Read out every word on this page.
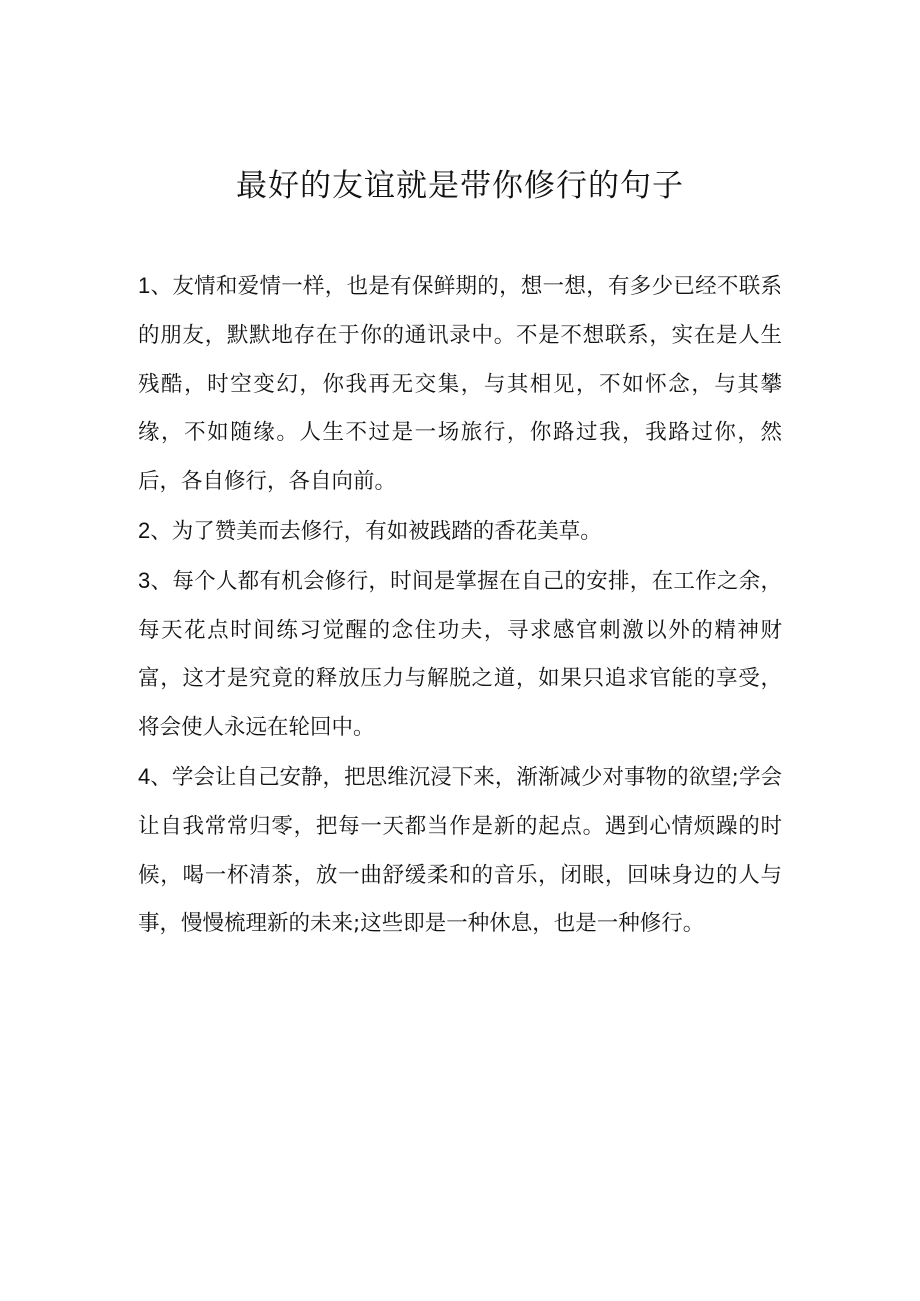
最好的友谊就是带你修行的句子

1、友情和爱情一样，也是有保鲜期的，想一想，有多少已经不联系的朋友，默默地存在于你的通讯录中。不是不想联系，实在是人生残酷，时空变幻，你我再无交集，与其相见，不如怀念，与其攀缘，不如随缘。人生不过是一场旅行，你路过我，我路过你，然后，各自修行，各自向前。

2、为了赞美而去修行，有如被践踏的香花美草。

3、每个人都有机会修行，时间是掌握在自己的安排，在工作之余，每天花点时间练习觉醒的念住功夫，寻求感官刺激以外的精神财富，这才是究竟的释放压力与解脱之道，如果只追求官能的享受，将会使人永远在轮回中。

4、学会让自己安静，把思维沉浸下来，渐渐减少对事物的欲望;学会让自我常常归零，把每一天都当作是新的起点。遇到心情烦躁的时候，喝一杯清茶，放一曲舒缓柔和的音乐，闭眼，回味身边的人与事，慢慢梳理新的未来;这些即是一种休息，也是一种修行。
